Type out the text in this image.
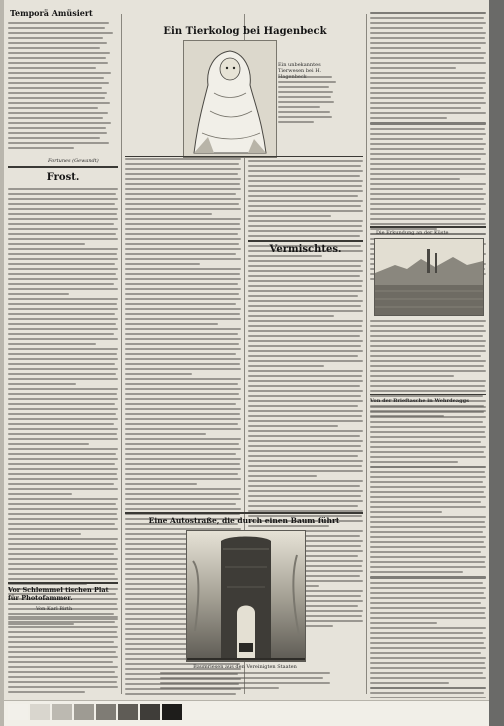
Temporä Amüsiert
Fortunes (Gewandt)
Frost.
Vor Schlemmel tischen Plat für Photofammer.
Von Karl Birth
Ein Tierkolog bei Hagenbeck
Ein unbekanntes Tierwesen bei H.
Vermischtes.
Eine Autostraße, die durch einen Baum führt
Baumriesen aus den Vereinigten Staaten
Die Erkundung an der Küste
Von der Brieftasche in Wehrdeaggs
